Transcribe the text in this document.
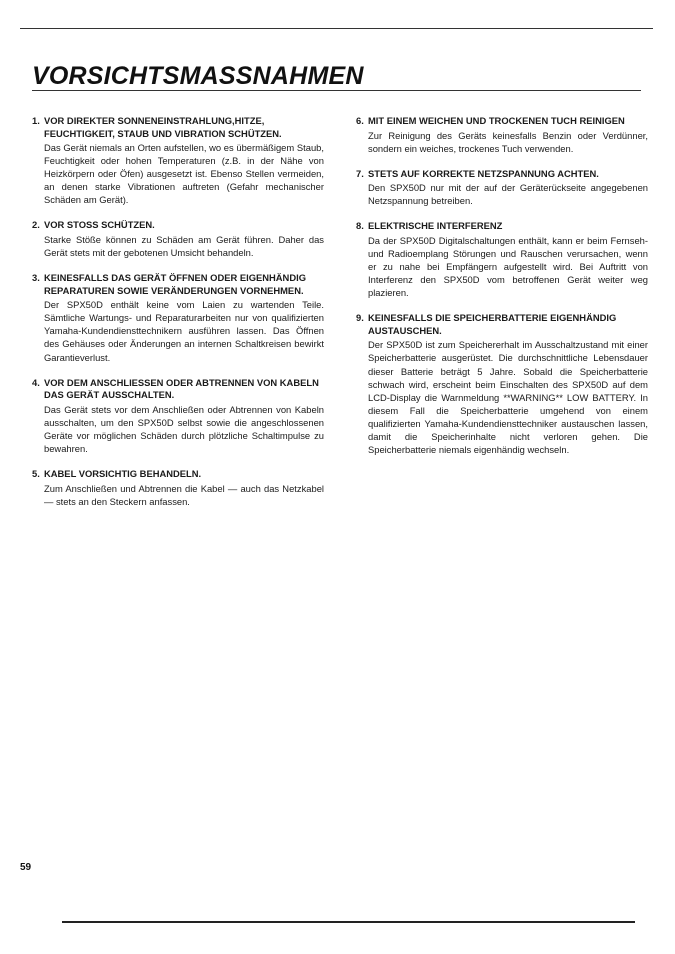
VORSICHTSMASSNAHMEN
1. VOR DIREKTER SONNENEINSTRAHLUNG,HITZE, FEUCHTIGKEIT, STAUB UND VIBRATION SCHÜTZEN.
Das Gerät niemals an Orten aufstellen, wo es übermäßigem Staub, Feuchtigkeit oder hohen Temperaturen (z.B. in der Nähe von Heizkörpern oder Öfen) ausgesetzt ist. Ebenso Stellen vermeiden, an denen starke Vibrationen auftreten (Gefahr mechanischer Schäden am Gerät).
2. VOR STOSS SCHÜTZEN.
Starke Stöße können zu Schäden am Gerät führen. Daher das Gerät stets mit der gebotenen Umsicht behandeln.
3. KEINESFALLS DAS GERÄT ÖFFNEN ODER EIGENHÄNDIG REPARATUREN SOWIE VERÄNDERUNGEN VORNEHMEN.
Der SPX50D enthält keine vom Laien zu wartenden Teile. Sämtliche Wartungs- und Reparaturarbeiten nur von qualifizierten Yamaha-Kundendiensttechnikern ausführen lassen. Das Öffnen des Gehäuses oder Änderungen an internen Schaltkreisen bewirkt Garantieverlust.
4. VOR DEM ANSCHLIESSEN ODER ABTRENNEN VON KABELN DAS GERÄT AUSSCHALTEN.
Das Gerät stets vor dem Anschließen oder Abtrennen von Kabeln ausschalten, um den SPX50D selbst sowie die angeschlossenen Geräte vor möglichen Schäden durch plötzliche Schaltimpulse zu bewahren.
5. KABEL VORSICHTIG BEHANDELN.
Zum Anschließen und Abtrennen die Kabel — auch das Netzkabel — stets an den Steckern anfassen.
6. MIT EINEM WEICHEN UND TROCKENEN TUCH REINIGEN
Zur Reinigung des Geräts keinesfalls Benzin oder Verdünner, sondern ein weiches, trockenes Tuch verwenden.
7. STETS AUF KORREKTE NETZSPANNUNG ACHTEN.
Den SPX50D nur mit der auf der Geräterückseite angegebenen Netzspannung betreiben.
8. ELEKTRISCHE INTERFERENZ
Da der SPX50D Digitalschaltungen enthält, kann er beim Fernseh- und Radioemplang Störungen und Rauschen verursachen, wenn er zu nahe bei Empfängern aufgestellt wird. Bei Auftritt von Interferenz den SPX50D vom betroffenen Gerät weiter weg plazieren.
9. KEINESFALLS DIE SPEICHERBATTERIE EIGENHÄNDIG AUSTAUSCHEN.
Der SPX50D ist zum Speichererhalt im Ausschaltzustand mit einer Speicherbatterie ausgerüstet. Die durchschnittliche Lebensdauer dieser Batterie beträgt 5 Jahre. Sobald die Speicherbatterie schwach wird, erscheint beim Einschalten des SPX50D auf dem LCD-Display die Warnmeldung **WARNING** LOW BATTERY. In diesem Fall die Speicherbatterie umgehend von einem qualifizierten Yamaha-Kundendiensttechniker austauschen lassen, damit die Speicherinhalte nicht verloren gehen. Die Speicherbatterie niemals eigenhändig wechseln.
59
